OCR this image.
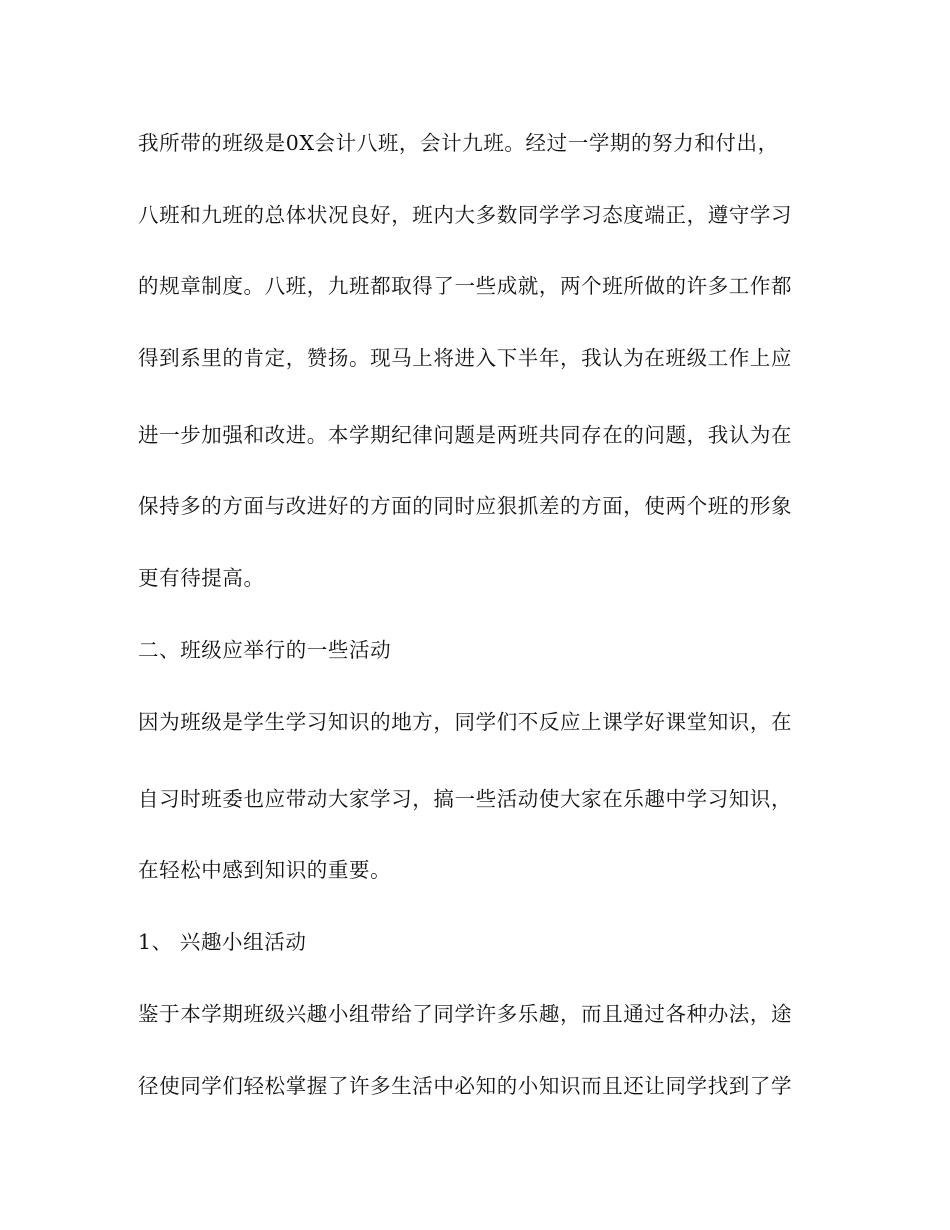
我所带的班级是0X会计八班，会计九班。经过一学期的努力和付出，
八班和九班的总体状况良好，班内大多数同学学习态度端正，遵守学习
的规章制度。八班，九班都取得了一些成就，两个班所做的许多工作都
得到系里的肯定，赞扬。现马上将进入下半年，我认为在班级工作上应
进一步加强和改进。本学期纪律问题是两班共同存在的问题，我认为在
保持多的方面与改进好的方面的同时应狠抓差的方面，使两个班的形象
更有待提高。
二、班级应举行的一些活动
因为班级是学生学习知识的地方，同学们不反应上课学好课堂知识，在
自习时班委也应带动大家学习，搞一些活动使大家在乐趣中学习知识，
在轻松中感到知识的重要。
1、 兴趣小组活动
鉴于本学期班级兴趣小组带给了同学许多乐趣，而且通过各种办法，途
径使同学们轻松掌握了许多生活中必知的小知识而且还让同学找到了学
